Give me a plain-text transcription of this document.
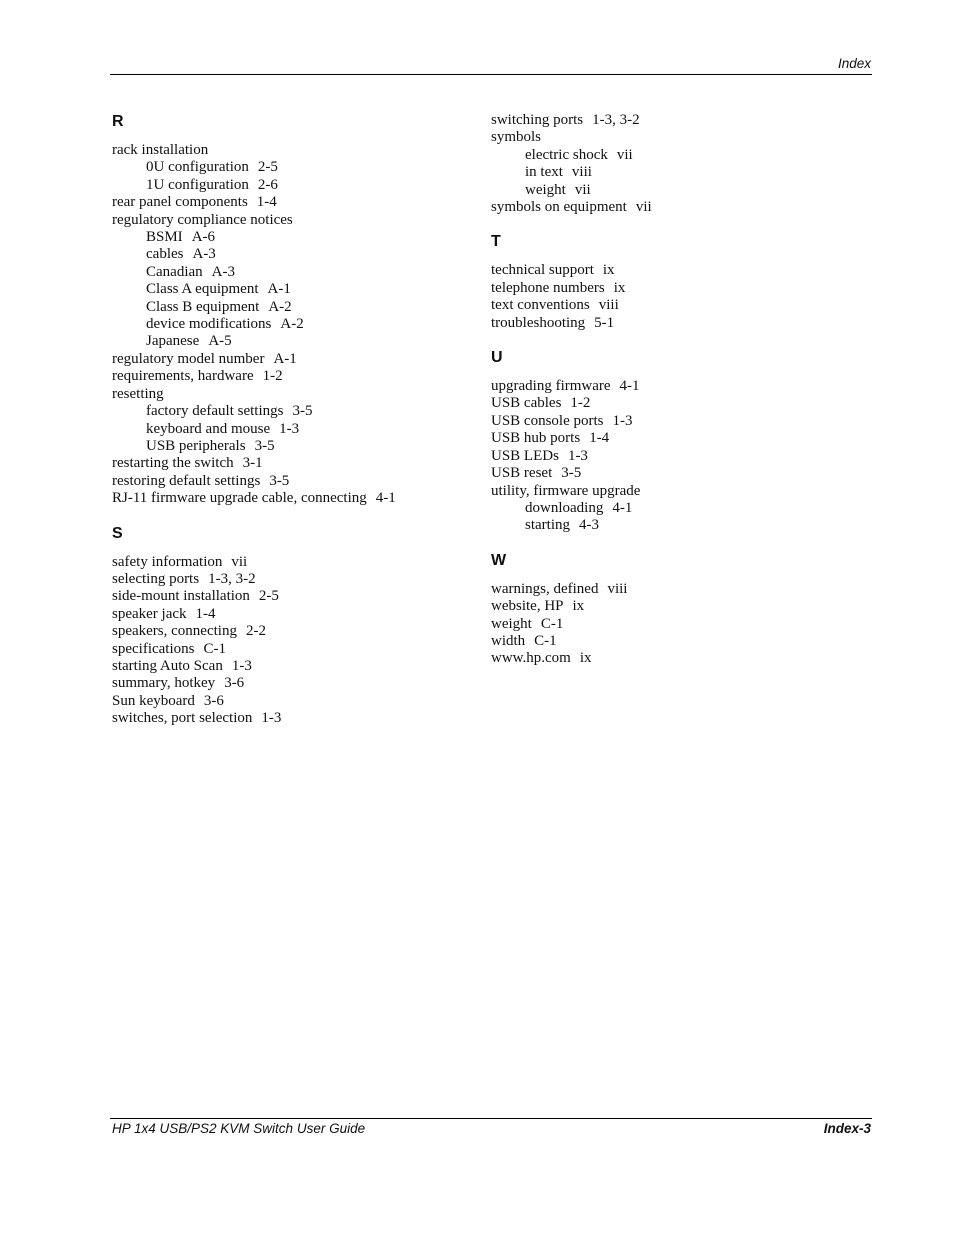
Index
R
rack installation
0U configuration 2-5
1U configuration 2-6
rear panel components 1-4
regulatory compliance notices
BSMI A-6
cables A-3
Canadian A-3
Class A equipment A-1
Class B equipment A-2
device modifications A-2
Japanese A-5
regulatory model number A-1
requirements, hardware 1-2
resetting
factory default settings 3-5
keyboard and mouse 1-3
USB peripherals 3-5
restarting the switch 3-1
restoring default settings 3-5
RJ-11 firmware upgrade cable, connecting 4-1
S
safety information vii
selecting ports 1-3, 3-2
side-mount installation 2-5
speaker jack 1-4
speakers, connecting 2-2
specifications C-1
starting Auto Scan 1-3
summary, hotkey 3-6
Sun keyboard 3-6
switches, port selection 1-3
switching ports 1-3, 3-2
symbols
electric shock vii
in text viii
weight vii
symbols on equipment vii
T
technical support ix
telephone numbers ix
text conventions viii
troubleshooting 5-1
U
upgrading firmware 4-1
USB cables 1-2
USB console ports 1-3
USB hub ports 1-4
USB LEDs 1-3
USB reset 3-5
utility, firmware upgrade
downloading 4-1
starting 4-3
W
warnings, defined viii
website, HP ix
weight C-1
width C-1
www.hp.com ix
HP 1x4 USB/PS2 KVM Switch User Guide	Index-3
